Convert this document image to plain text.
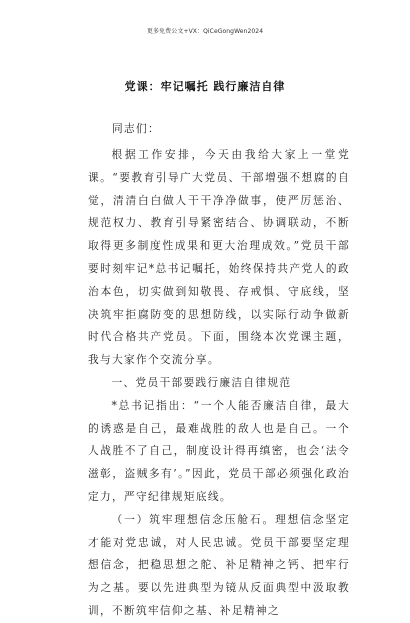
更多免费公文+VX：QiCeGongWen2024
党课：牢记嘱托 践行廉洁自律
同志们：

根据工作安排，今天由我给大家上一堂党课。“要教育引导广大党员、干部增强不想腐的自觉，清清白白做人干干净净做事，使严厉惩治、规范权力、教育引导紧密结合、协调联动，不断取得更多制度性成果和更大治理成效。”党员干部要时刻牢记*总书记嘱托，始终保持共产党人的政治本色，切实做到知敬畏、存戒惧、守底线，坚决筑牢拒腐防变的思想防线，以实际行动争做新时代合格共产党员。下面，围绕本次党课主题，我与大家作个交流分享。

一、党员干部要践行廉洁自律规范

*总书记指出：“一个人能否廉洁自律，最大的诱惑是自己，最难战胜的敌人也是自己。一个人战胜不了自己，制度设计得再缜密，也会‘法令滋彰，盗贼多有’。”因此，党员干部必须强化政治定力，严守纪律规矩底线。

（一）筑牢理想信念压舱石。理想信念坚定才能对党忠诚，对人民忠诚。党员干部要坚定理想信念，把稳思想之舵、补足精神之钙、把牢行为之基。要以先进典型为镜从反面典型中汲取教训，不断筑牢信仰之基、补足精神之
